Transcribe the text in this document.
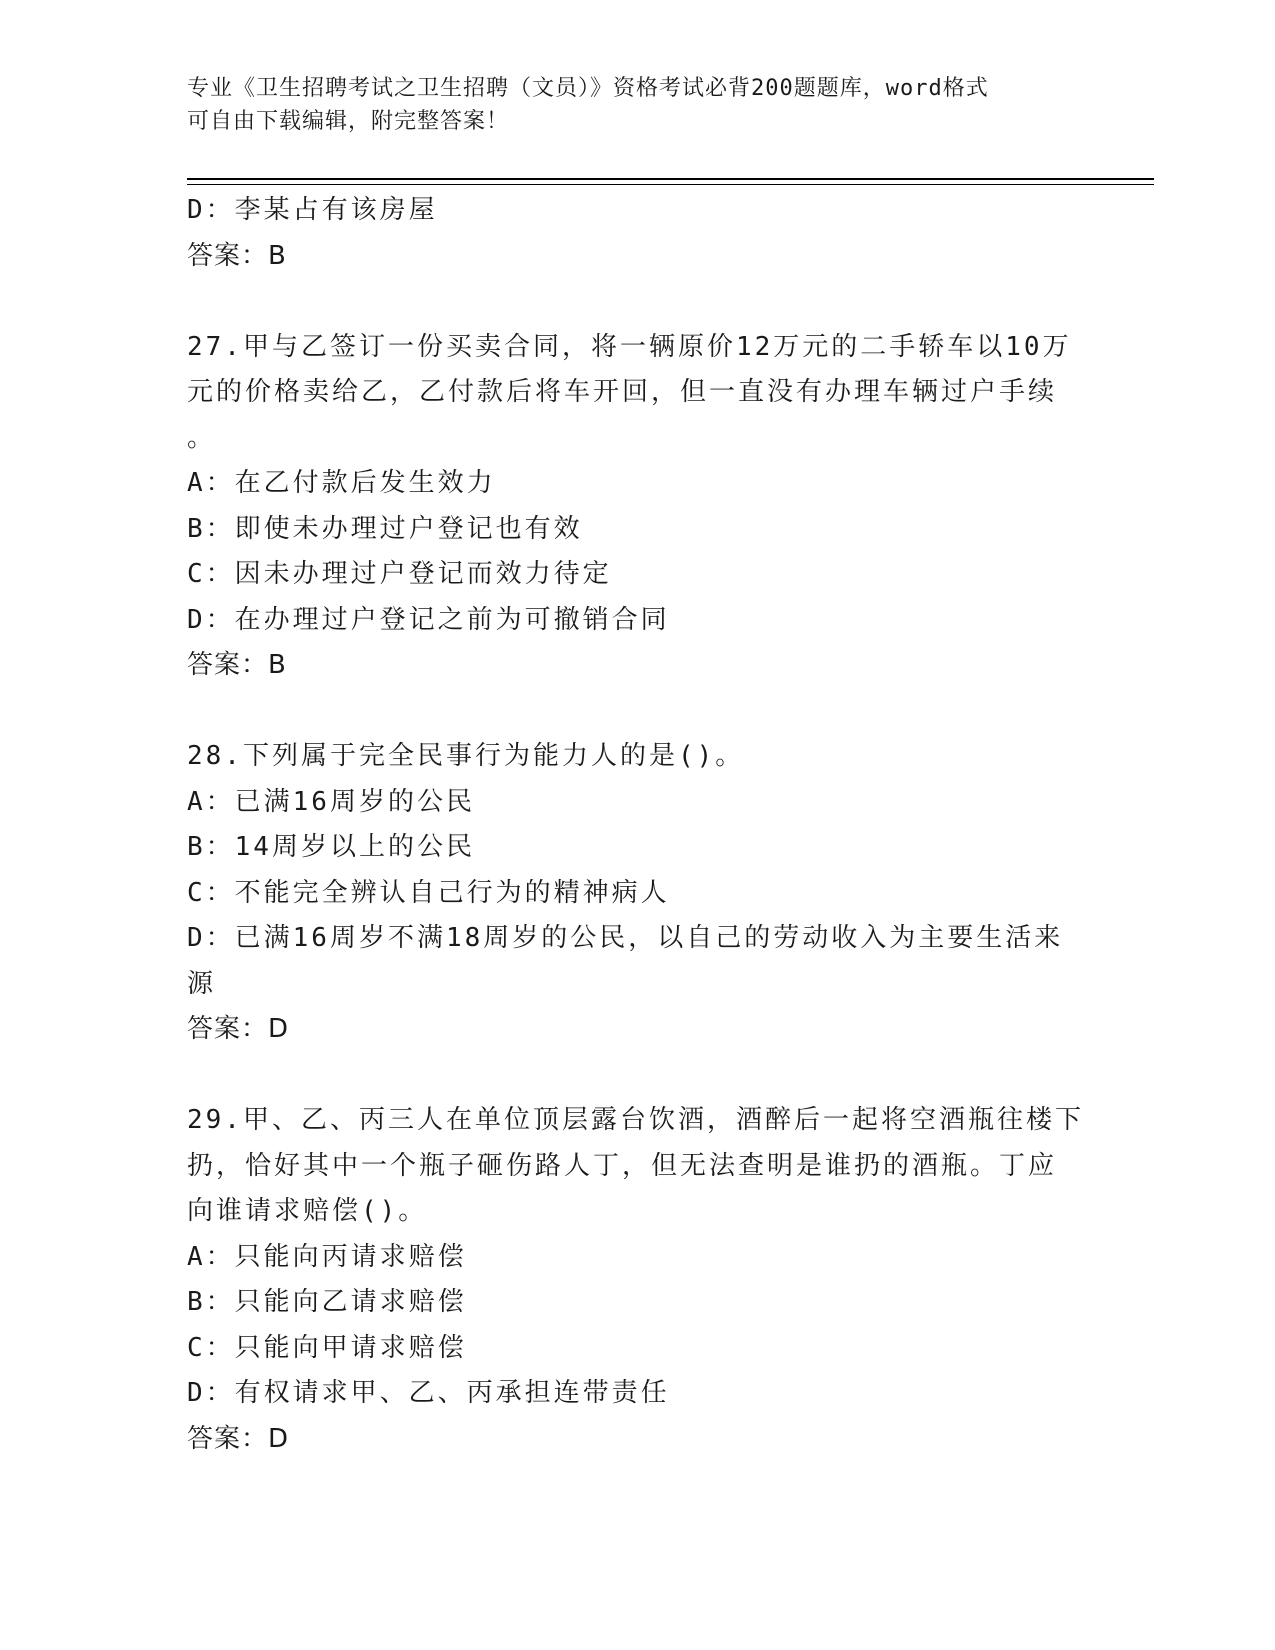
专业《卫生招聘考试之卫生招聘（文员）》资格考试必背200题题库，word格式
可自由下载编辑，附完整答案！
D：李某占有该房屋
答案：B
27.甲与乙签订一份买卖合同，将一辆原价12万元的二手轿车以10万
元的价格卖给乙，乙付款后将车开回，但一直没有办理车辆过户手续
。
A：在乙付款后发生效力
B：即使未办理过户登记也有效
C：因未办理过户登记而效力待定
D：在办理过户登记之前为可撤销合同
答案：B
28.下列属于完全民事行为能力人的是()。
A：已满16周岁的公民
B：14周岁以上的公民
C：不能完全辨认自己行为的精神病人
D：已满16周岁不满18周岁的公民，以自己的劳动收入为主要生活来
源
答案：D
29.甲、乙、丙三人在单位顶层露台饮酒，酒醉后一起将空酒瓶往楼下
扔，恰好其中一个瓶子砸伤路人丁，但无法查明是谁扔的酒瓶。丁应
向谁请求赔偿()。
A：只能向丙请求赔偿
B：只能向乙请求赔偿
C：只能向甲请求赔偿
D：有权请求甲、乙、丙承担连带责任
答案：D
